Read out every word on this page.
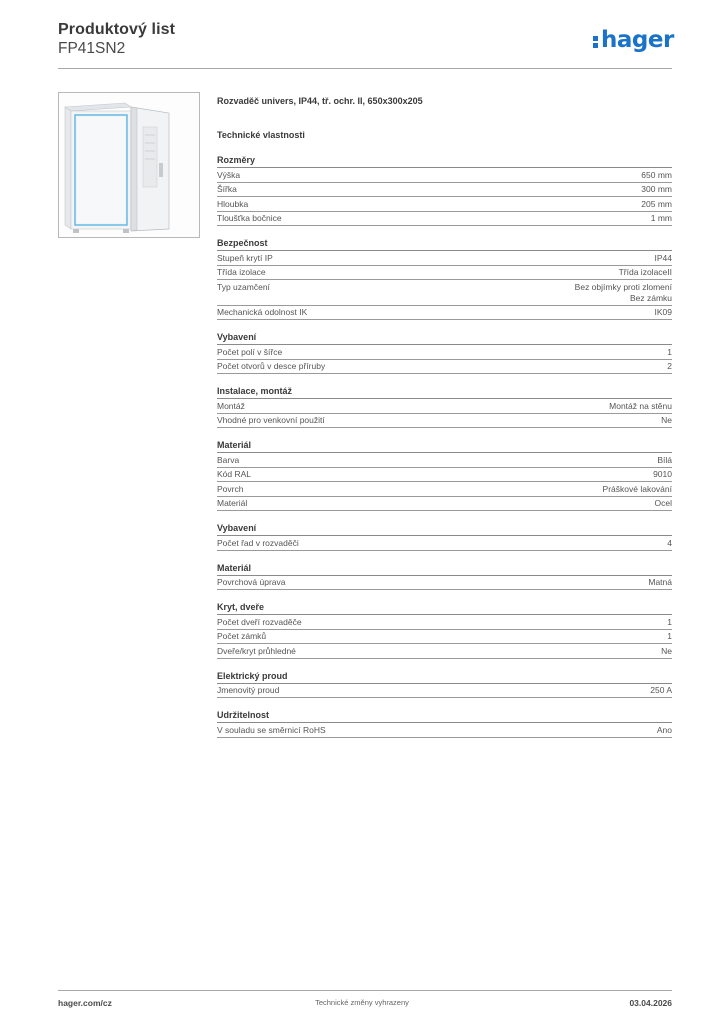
Produktový list
FP41SN2	hager
Rozvaděč univers, IP44, tř. ochr. II, 650x300x205
Technické vlastnosti
Rozměry
Výška	650 mm
Šířka	300 mm
Hloubka	205 mm
Tloušťka bočnice	1 mm
Bezpečnost
Stupeň krytí IP	IP44
Třída izolace	Třída izolaceII
Typ uzamčení	Bez objímky proti zlomení
Bez zámku
Mechanická odolnost IK	IK09
Vybavení
Počet polí v šířce	1
Počet otvorů v desce příruby	2
Instalace, montáž
Montáž	Montáž na stěnu
Vhodné pro venkovní použití	Ne
Materiál
Barva	Bílá
Kód RAL	9010
Povrch	Práškové lakování
Materiál	Ocel
Vybavení
Počet řad v rozvaděči	4
Materiál
Povrchová úprava	Matná
Kryt, dveře
Počet dveří rozvaděče	1
Počet zámků	1
Dveře/kryt průhledné	Ne
Elektrický proud
Jmenovitý proud	250 A
Udržitelnost
V souladu se směrnicí RoHS	Ano
hager.com/cz	Technické změny vyhrazeny	03.04.2026
